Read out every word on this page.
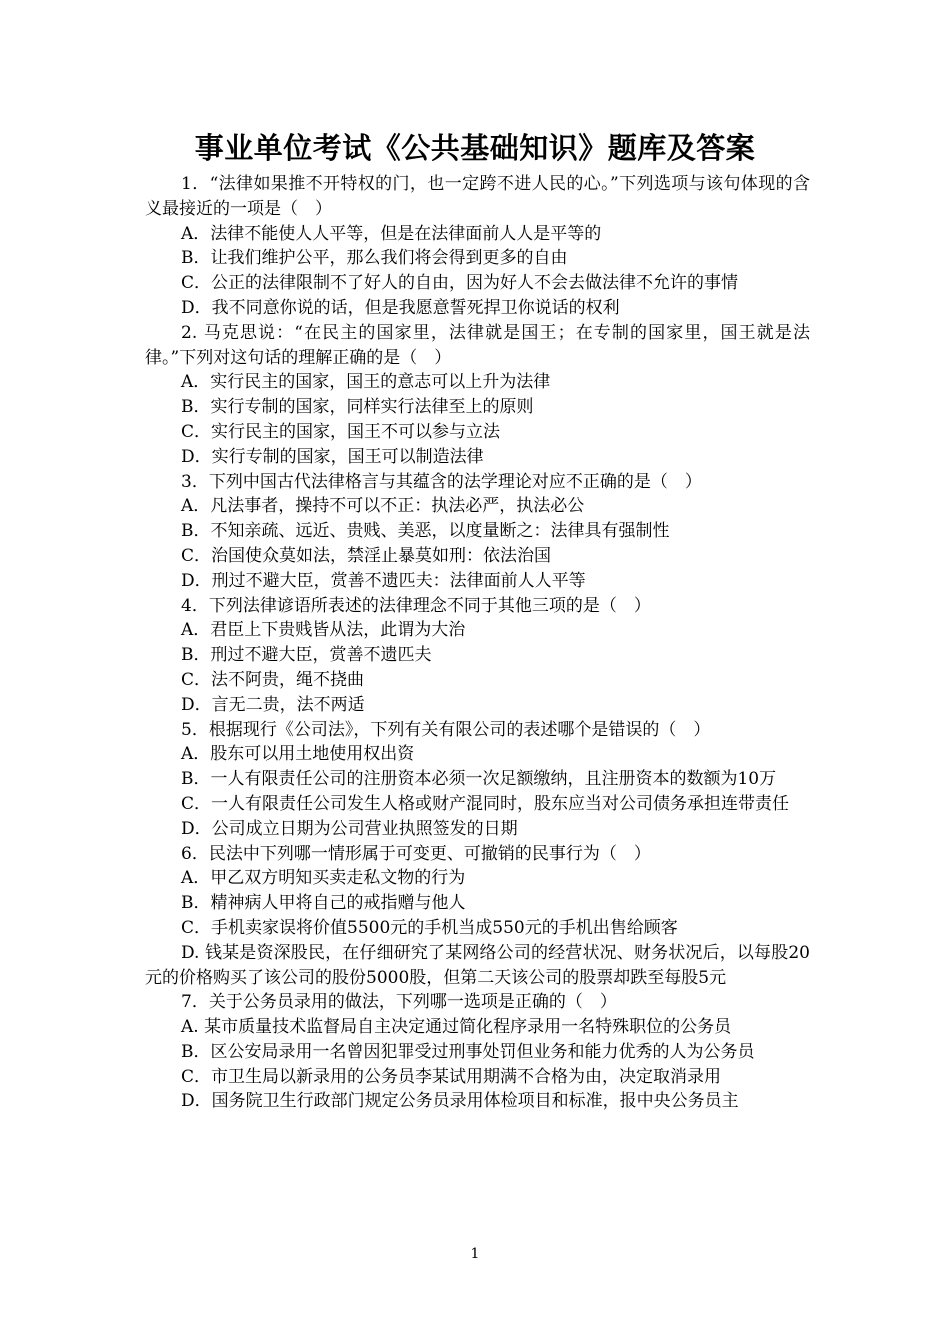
事业单位考试《公共基础知识》题库及答案

1．“法律如果推不开特权的门，也一定跨不进人民的心。”下列选项与该句体现的含义最接近的一项是（　）

A．法律不能使人人平等，但是在法律面前人人是平等的

B．让我们维护公平，那么我们将会得到更多的自由

C．公正的法律限制不了好人的自由，因为好人不会去做法律不允许的事情

D．我不同意你说的话，但是我愿意誓死捍卫你说话的权利

2. 马克思说：“在民主的国家里，法律就是国王；在专制的国家里，国王就是法律。”下列对这句话的理解正确的是（　）

A．实行民主的国家，国王的意志可以上升为法律

B．实行专制的国家，同样实行法律至上的原则

C．实行民主的国家，国王不可以参与立法

D．实行专制的国家，国王可以制造法律

3．下列中国古代法律格言与其蕴含的法学理论对应不正确的是（　）

A．凡法事者，操持不可以不正：执法必严，执法必公

B．不知亲疏、远近、贵贱、美恶，以度量断之：法律具有强制性

C．治国使众莫如法，禁淫止暴莫如刑：依法治国

D．刑过不避大臣，赏善不遗匹夫：法律面前人人平等

4．下列法律谚语所表述的法律理念不同于其他三项的是（　）

A．君臣上下贵贱皆从法，此谓为大治

B．刑过不避大臣，赏善不遗匹夫

C．法不阿贵，绳不挠曲

D．言无二贵，法不两适

5．根据现行《公司法》，下列有关有限公司的表述哪个是错误的（　）

A．股东可以用土地使用权出资

B．一人有限责任公司的注册资本必须一次足额缴纳，且注册资本的数额为10万

C．一人有限责任公司发生人格或财产混同时，股东应当对公司债务承担连带责任

D．公司成立日期为公司营业执照签发的日期

6．民法中下列哪一情形属于可变更、可撤销的民事行为（　）

A．甲乙双方明知买卖走私文物的行为

B．精神病人甲将自己的戒指赠与他人

C．手机卖家误将价值5500元的手机当成550元的手机出售给顾客

D. 钱某是资深股民，在仔细研究了某网络公司的经营状况、财务状况后，以每股20元的价格购买了该公司的股份5000股，但第二天该公司的股票却跌至每股5元

7．关于公务员录用的做法，下列哪一选项是正确的（　）

A. 某市质量技术监督局自主决定通过简化程序录用一名特殊职位的公务员

B．区公安局录用一名曾因犯罪受过刑事处罚但业务和能力优秀的人为公务员

C．市卫生局以新录用的公务员李某试用期满不合格为由，决定取消录用

D．国务院卫生行政部门规定公务员录用体检项目和标准，报中央公务员主

1
